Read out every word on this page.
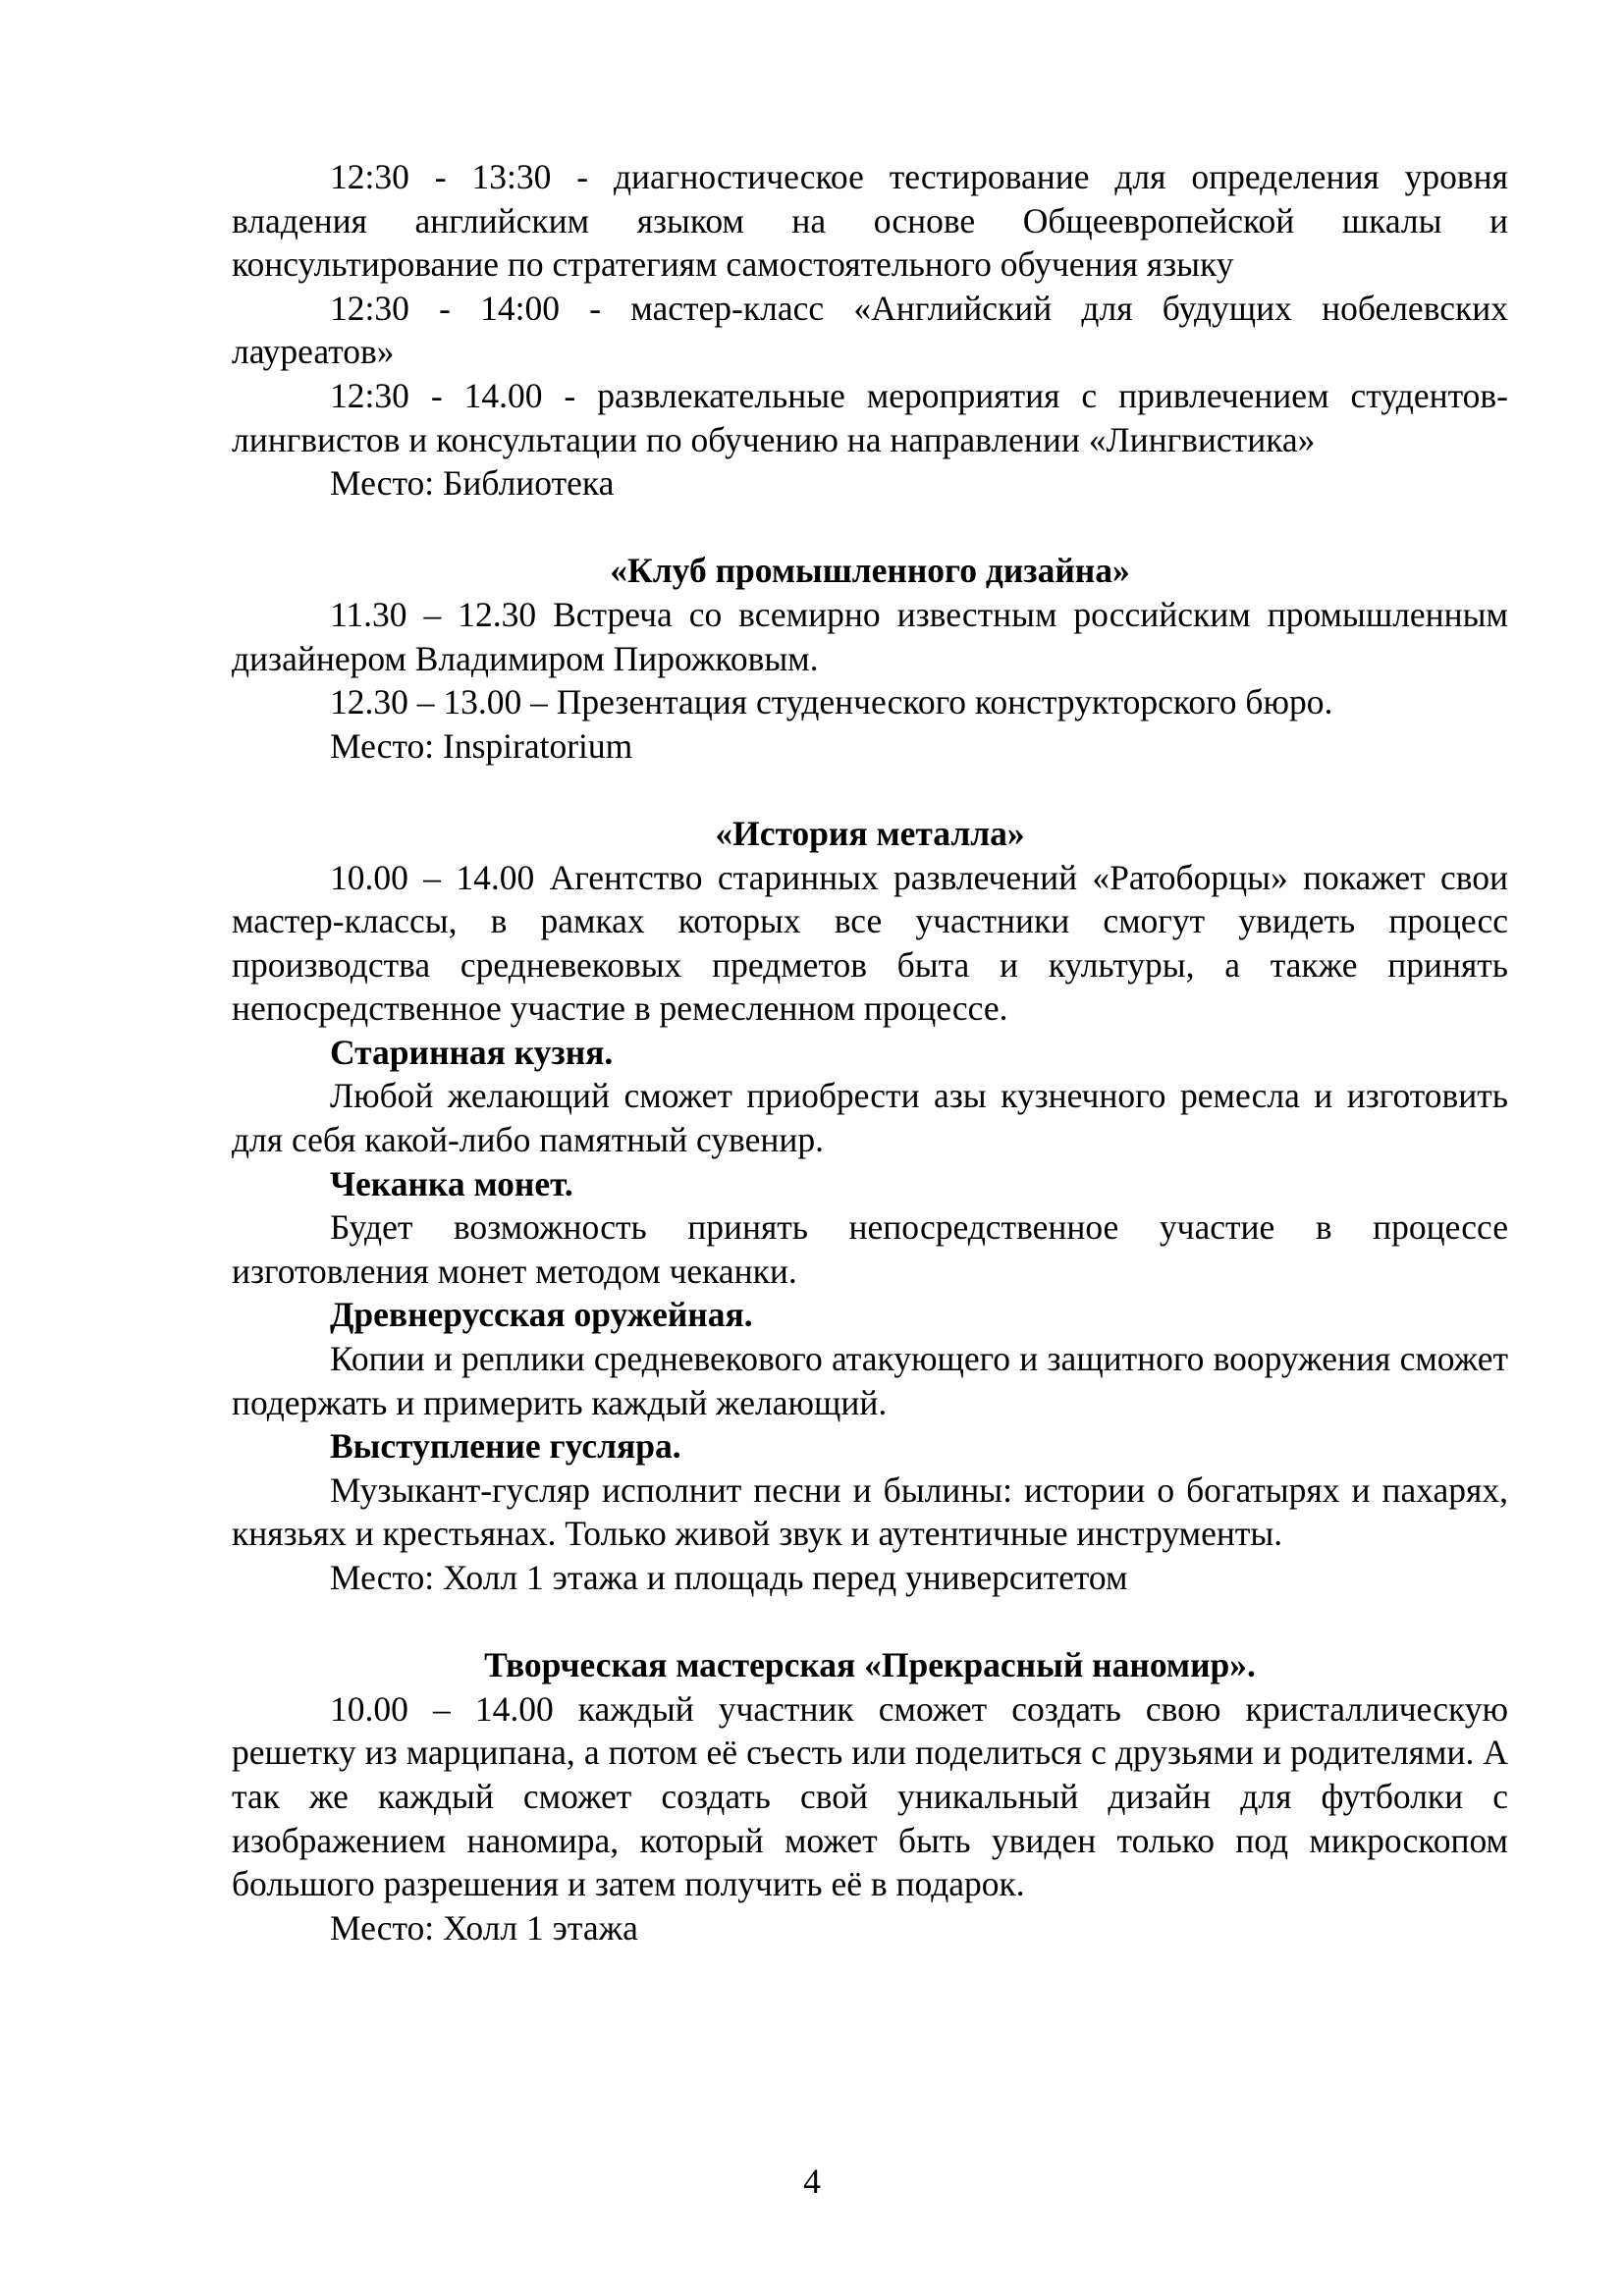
12:30 - 13:30 - диагностическое тестирование для определения уровня владения английским языком на основе Общеевропейской шкалы и консультирование по стратегиям самостоятельного обучения языку

12:30 - 14:00 - мастер-класс «Английский для будущих нобелевских лауреатов»

12:30 - 14.00 - развлекательные мероприятия с привлечением студентов-лингвистов и консультации по обучению на направлении «Лингвистика»

Место: Библиотека

«Клуб промышленного дизайна»

11.30 – 12.30 Встреча со всемирно известным российским промышленным дизайнером Владимиром Пирожковым.

12.30 – 13.00 – Презентация студенческого конструкторского бюро.

Место: Inspiratorium

«История металла»

10.00 – 14.00 Агентство старинных развлечений «Ратоборцы» покажет свои мастер-классы, в рамках которых все участники смогут увидеть процесс производства средневековых предметов быта и культуры, а также принять непосредственное участие в ремесленном процессе.

Старинная кузня.

Любой желающий сможет приобрести азы кузнечного ремесла и изготовить для себя какой-либо памятный сувенир.

Чеканка монет.

Будет возможность принять непосредственное участие в процессе изготовления монет методом чеканки.

Древнерусская оружейная.

Копии и реплики средневекового атакующего и защитного вооружения сможет подержать и примерить каждый желающий.

Выступление гусляра.

Музыкант-гусляр исполнит песни и былины: истории о богатырях и пахарях, князьях и крестьянах. Только живой звук и аутентичные инструменты.

Место: Холл 1 этажа и площадь перед университетом

Творческая мастерская «Прекрасный наномир».

10.00 – 14.00 каждый участник сможет создать свою кристаллическую решетку из марципана, а потом её съесть или поделиться с друзьями и родителями. А так же каждый сможет создать свой уникальный дизайн для футболки с изображением наномира, который может быть увиден только под микроскопом большого разрешения и затем получить её в подарок.

Место: Холл 1 этажа

4
